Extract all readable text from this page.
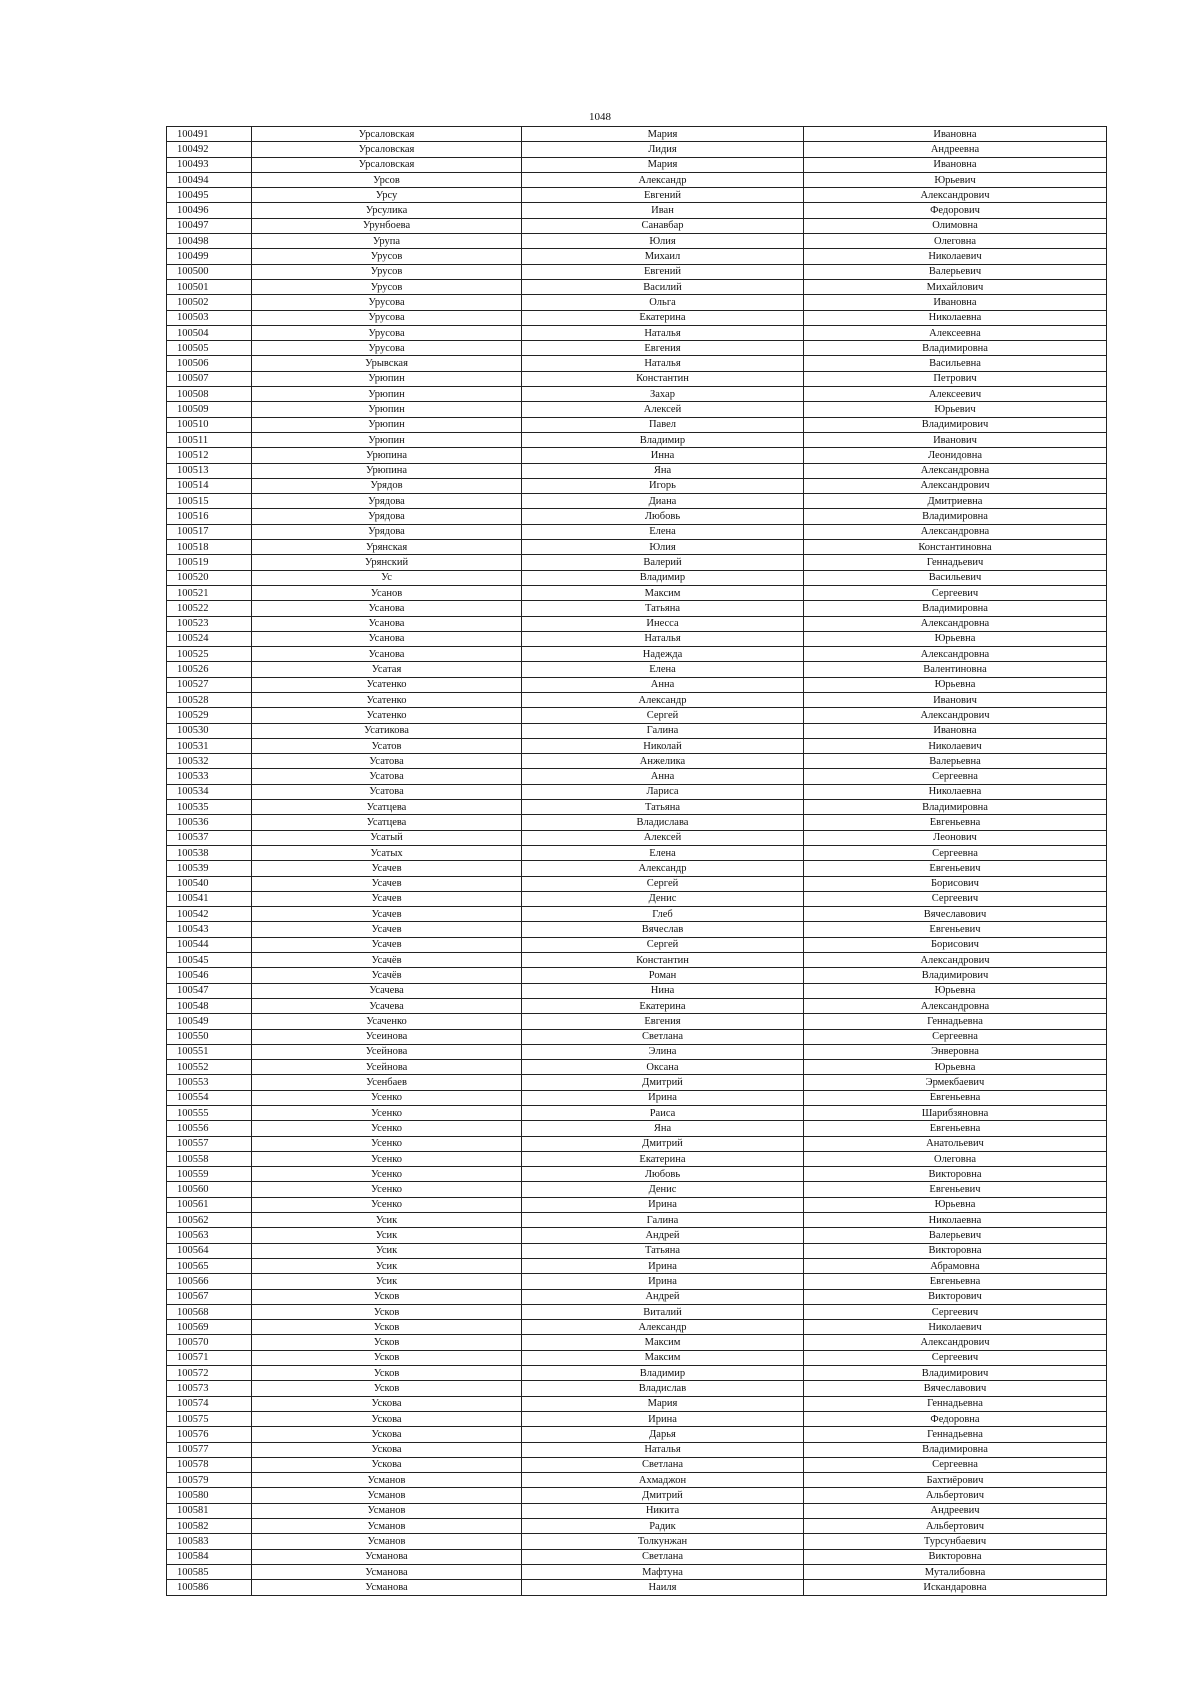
1048
100491	Урсаловская	Мария	Ивановна
100492	Урсаловская	Лидия	Андреевна
100493	Урсаловская	Мария	Ивановна
100494	Урсов	Александр	Юрьевич
100495	Урсу	Евгений	Александрович
100496	Урсулика	Иван	Федорович
100497	Урунбоева	Санавбар	Олимовна
100498	Урупа	Юлия	Олеговна
100499	Урусов	Михаил	Николаевич
100500	Урусов	Евгений	Валерьевич
100501	Урусов	Василий	Михайлович
100502	Урусова	Ольга	Ивановна
100503	Урусова	Екатерина	Николаевна
100504	Урусова	Наталья	Алексеевна
100505	Урусова	Евгения	Владимировна
100506	Урывская	Наталья	Васильевна
100507	Урюпин	Константин	Петрович
100508	Урюпин	Захар	Алексеевич
100509	Урюпин	Алексей	Юрьевич
100510	Урюпин	Павел	Владимирович
100511	Урюпин	Владимир	Иванович
100512	Урюпина	Инна	Леонидовна
100513	Урюпина	Яна	Александровна
100514	Урядов	Игорь	Александрович
100515	Урядова	Диана	Дмитриевна
100516	Урядова	Любовь	Владимировна
100517	Урядова	Елена	Александровна
100518	Урянская	Юлия	Константиновна
100519	Урянский	Валерий	Геннадьевич
100520	Ус	Владимир	Васильевич
100521	Усанов	Максим	Сергеевич
100522	Усанова	Татьяна	Владимировна
100523	Усанова	Инесса	Александровна
100524	Усанова	Наталья	Юрьевна
100525	Усанова	Надежда	Александровна
100526	Усатая	Елена	Валентиновна
100527	Усатенко	Анна	Юрьевна
100528	Усатенко	Александр	Иванович
100529	Усатенко	Сергей	Александрович
100530	Усатикова	Галина	Ивановна
100531	Усатов	Николай	Николаевич
100532	Усатова	Анжелика	Валерьевна
100533	Усатова	Анна	Сергеевна
100534	Усатова	Лариса	Николаевна
100535	Усатцева	Татьяна	Владимировна
100536	Усатцева	Владислава	Евгеньевна
100537	Усатый	Алексей	Леонович
100538	Усатых	Елена	Сергеевна
100539	Усачев	Александр	Евгеньевич
100540	Усачев	Сергей	Борисович
100541	Усачев	Денис	Сергеевич
100542	Усачев	Глеб	Вячеславович
100543	Усачев	Вячеслав	Евгеньевич
100544	Усачев	Сергей	Борисович
100545	Усачёв	Константин	Александрович
100546	Усачёв	Роман	Владимирович
100547	Усачева	Нина	Юрьевна
100548	Усачева	Екатерина	Александровна
100549	Усаченко	Евгения	Геннадьевна
100550	Усеинова	Светлана	Сергеевна
100551	Усейнова	Элина	Энверовна
100552	Усейнова	Оксана	Юрьевна
100553	Усенбаев	Дмитрий	Эрмекбаевич
100554	Усенко	Ирина	Евгеньевна
100555	Усенко	Раиса	Шарибзяновна
100556	Усенко	Яна	Евгеньевна
100557	Усенко	Дмитрий	Анатольевич
100558	Усенко	Екатерина	Олеговна
100559	Усенко	Любовь	Викторовна
100560	Усенко	Денис	Евгеньевич
100561	Усенко	Ирина	Юрьевна
100562	Усик	Галина	Николаевна
100563	Усик	Андрей	Валерьевич
100564	Усик	Татьяна	Викторовна
100565	Усик	Ирина	Абрамовна
100566	Усик	Ирина	Евгеньевна
100567	Усков	Андрей	Викторович
100568	Усков	Виталий	Сергеевич
100569	Усков	Александр	Николаевич
100570	Усков	Максим	Александрович
100571	Усков	Максим	Сергеевич
100572	Усков	Владимир	Владимирович
100573	Усков	Владислав	Вячеславович
100574	Ускова	Мария	Геннадьевна
100575	Ускова	Ирина	Федоровна
100576	Ускова	Дарья	Геннадьевна
100577	Ускова	Наталья	Владимировна
100578	Ускова	Светлана	Сергеевна
100579	Усманов	Ахмаджон	Бахтиёрович
100580	Усманов	Дмитрий	Альбертович
100581	Усманов	Никита	Андреевич
100582	Усманов	Радик	Альбертович
100583	Усманов	Толкунжан	Турсунбаевич
100584	Усманова	Светлана	Викторовна
100585	Усманова	Мафтуна	Муталибовна
100586	Усманова	Наиля	Искандаровна
